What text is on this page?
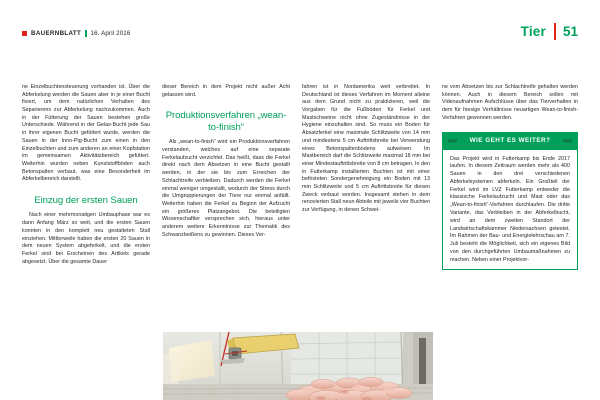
BAUERNBLATT 16. April 2016	Tier 51

ne Einzelbuchtensteuerung vorhanden ist. Über die Abferkelung werden die Sauen aber in je einer Bucht fixiert, um dem natürlichen Verhalten des Separierens zur Abferkelung nachzukommen. Auch in der Fütterung der Sauen bestehen große Unterschiede. Während in der Gelas-Bucht jede Sau in ihrer eigenen Bucht gefüttert wurde, werden die Sauen in der Inno-Pig-Bucht zum einen in den Einzelbuchten und zum anderen an einer Kopfstation im gemeinsamen Aktivitätsbereich gefüttert. Weiterhin wurden neben Kunststoffböden auch Betonspalten verbaut, was eine Besonderheit im Abferkelbereich darstellt.

Einzug der ersten Sauen

Nach einer mehrmonatigen Umbauphase war es dann Anfang März so weit, und die ersten Sauen konnten in den komplett neu gestalteten Stall einziehen. Mittlerweile haben die ersten 20 Sauen in dem neuen System abgeferkelt, und die ersten Ferkel sind bei Erscheinen des Artikels gerade abgesetzt. Über die gesamte Dauer

dieser Bereich in dem Projekt nicht außer Acht gelassen wird.

Produktionsverfahren „wean-to-finish“

Als „wean-to-finish“ wird ein Produktionsverfahren verstanden, welches auf eine separate Ferkelaufzucht verzichtet. Das heißt, dass die Ferkel direkt nach dem Absetzen in eine Bucht gestallt werden, in der sie bis zum Erreichen der Schlachtreife verbleiben. Dadurch werden die Ferkel einmal weniger umgestallt, wodurch der Stress durch die Umgruppierungen der Tiere nur einmal anfällt. Weiterhin haben die Ferkel zu Beginn der Aufzucht ein größeres Platzangebot. Die beteiligten Wissenschaftler versprechen sich, hieraus unter anderem weitere Erkenntnisse zur Thematik des Schwanzbeißens zu gewinnen. Dieses Ver-

fahren ist in Nordamerika weit verbreitet. In Deutschland ist dieses Verfahren im Moment alleine aus dem Grund nicht zu praktizieren, weil die Vorgaben für die Fußböden für Ferkel und Mastschweine nicht ohne Zugeständnisse in der Hygiene einzuhalten sind. So muss ein Boden für Absatzferkel eine maximale Schlitzweite von 14 mm und mindestens 5 cm Auftrittsbreite bei Verwendung eines Betonspaltenbodens aufweisen. Im Mastbereich darf die Schlitzweite maximal 18 mm bei einer Mindestauftrittsbreite von 8 cm betragen. In den in Futterkamp installierten Buchten ist mit einer befristeten Sondergenehmigung ein Boden mit 13 mm Schlitzweite und 5 cm Auftrittsbreite für diesen Zweck verbaut worden. Insgesamt stehen in dem renovierten Stall neun Abteile mit jeweils vier Buchten zur Verfügung, in denen Schwei-

ne vom Absetzen bis zur Schlachtreife gehalten werden können. Auch in diesem Bereich sollen mit Videoaufnahmen Aufschlüsse über das Tierverhalten in dem für hiesige Verhältnisse neuartigen Wean-to-finish-Verfahren gewonnen werden.

WIE GEHT ES WEITER?

Das Projekt wird in Futterkamp bis Ende 2017 laufen. In diesem Zeitraum werden mehr als 400 Sauen in den drei verschiedenen Abferkelsystemen abferkeln. Ein Großteil der Ferkel wird im LVZ Futterkamp entweder die klassische Ferkelaufzucht und Mast oder das „Wean-to-finish“-Verfahren durchlaufen. Die dritte Variante, das Verbleiben in der Abferkelbucht, wird an dem zweiten Standort der Landwirtschaftskammer Niedersachsen getestet. Im Rahmen der Bau- und Energielehrschau am 7. Juli besteht die Möglichkeit, sich ein eigenes Bild von den durchgeführten Umbaumaßnahmen zu machen. Neben einer Projektvor-
